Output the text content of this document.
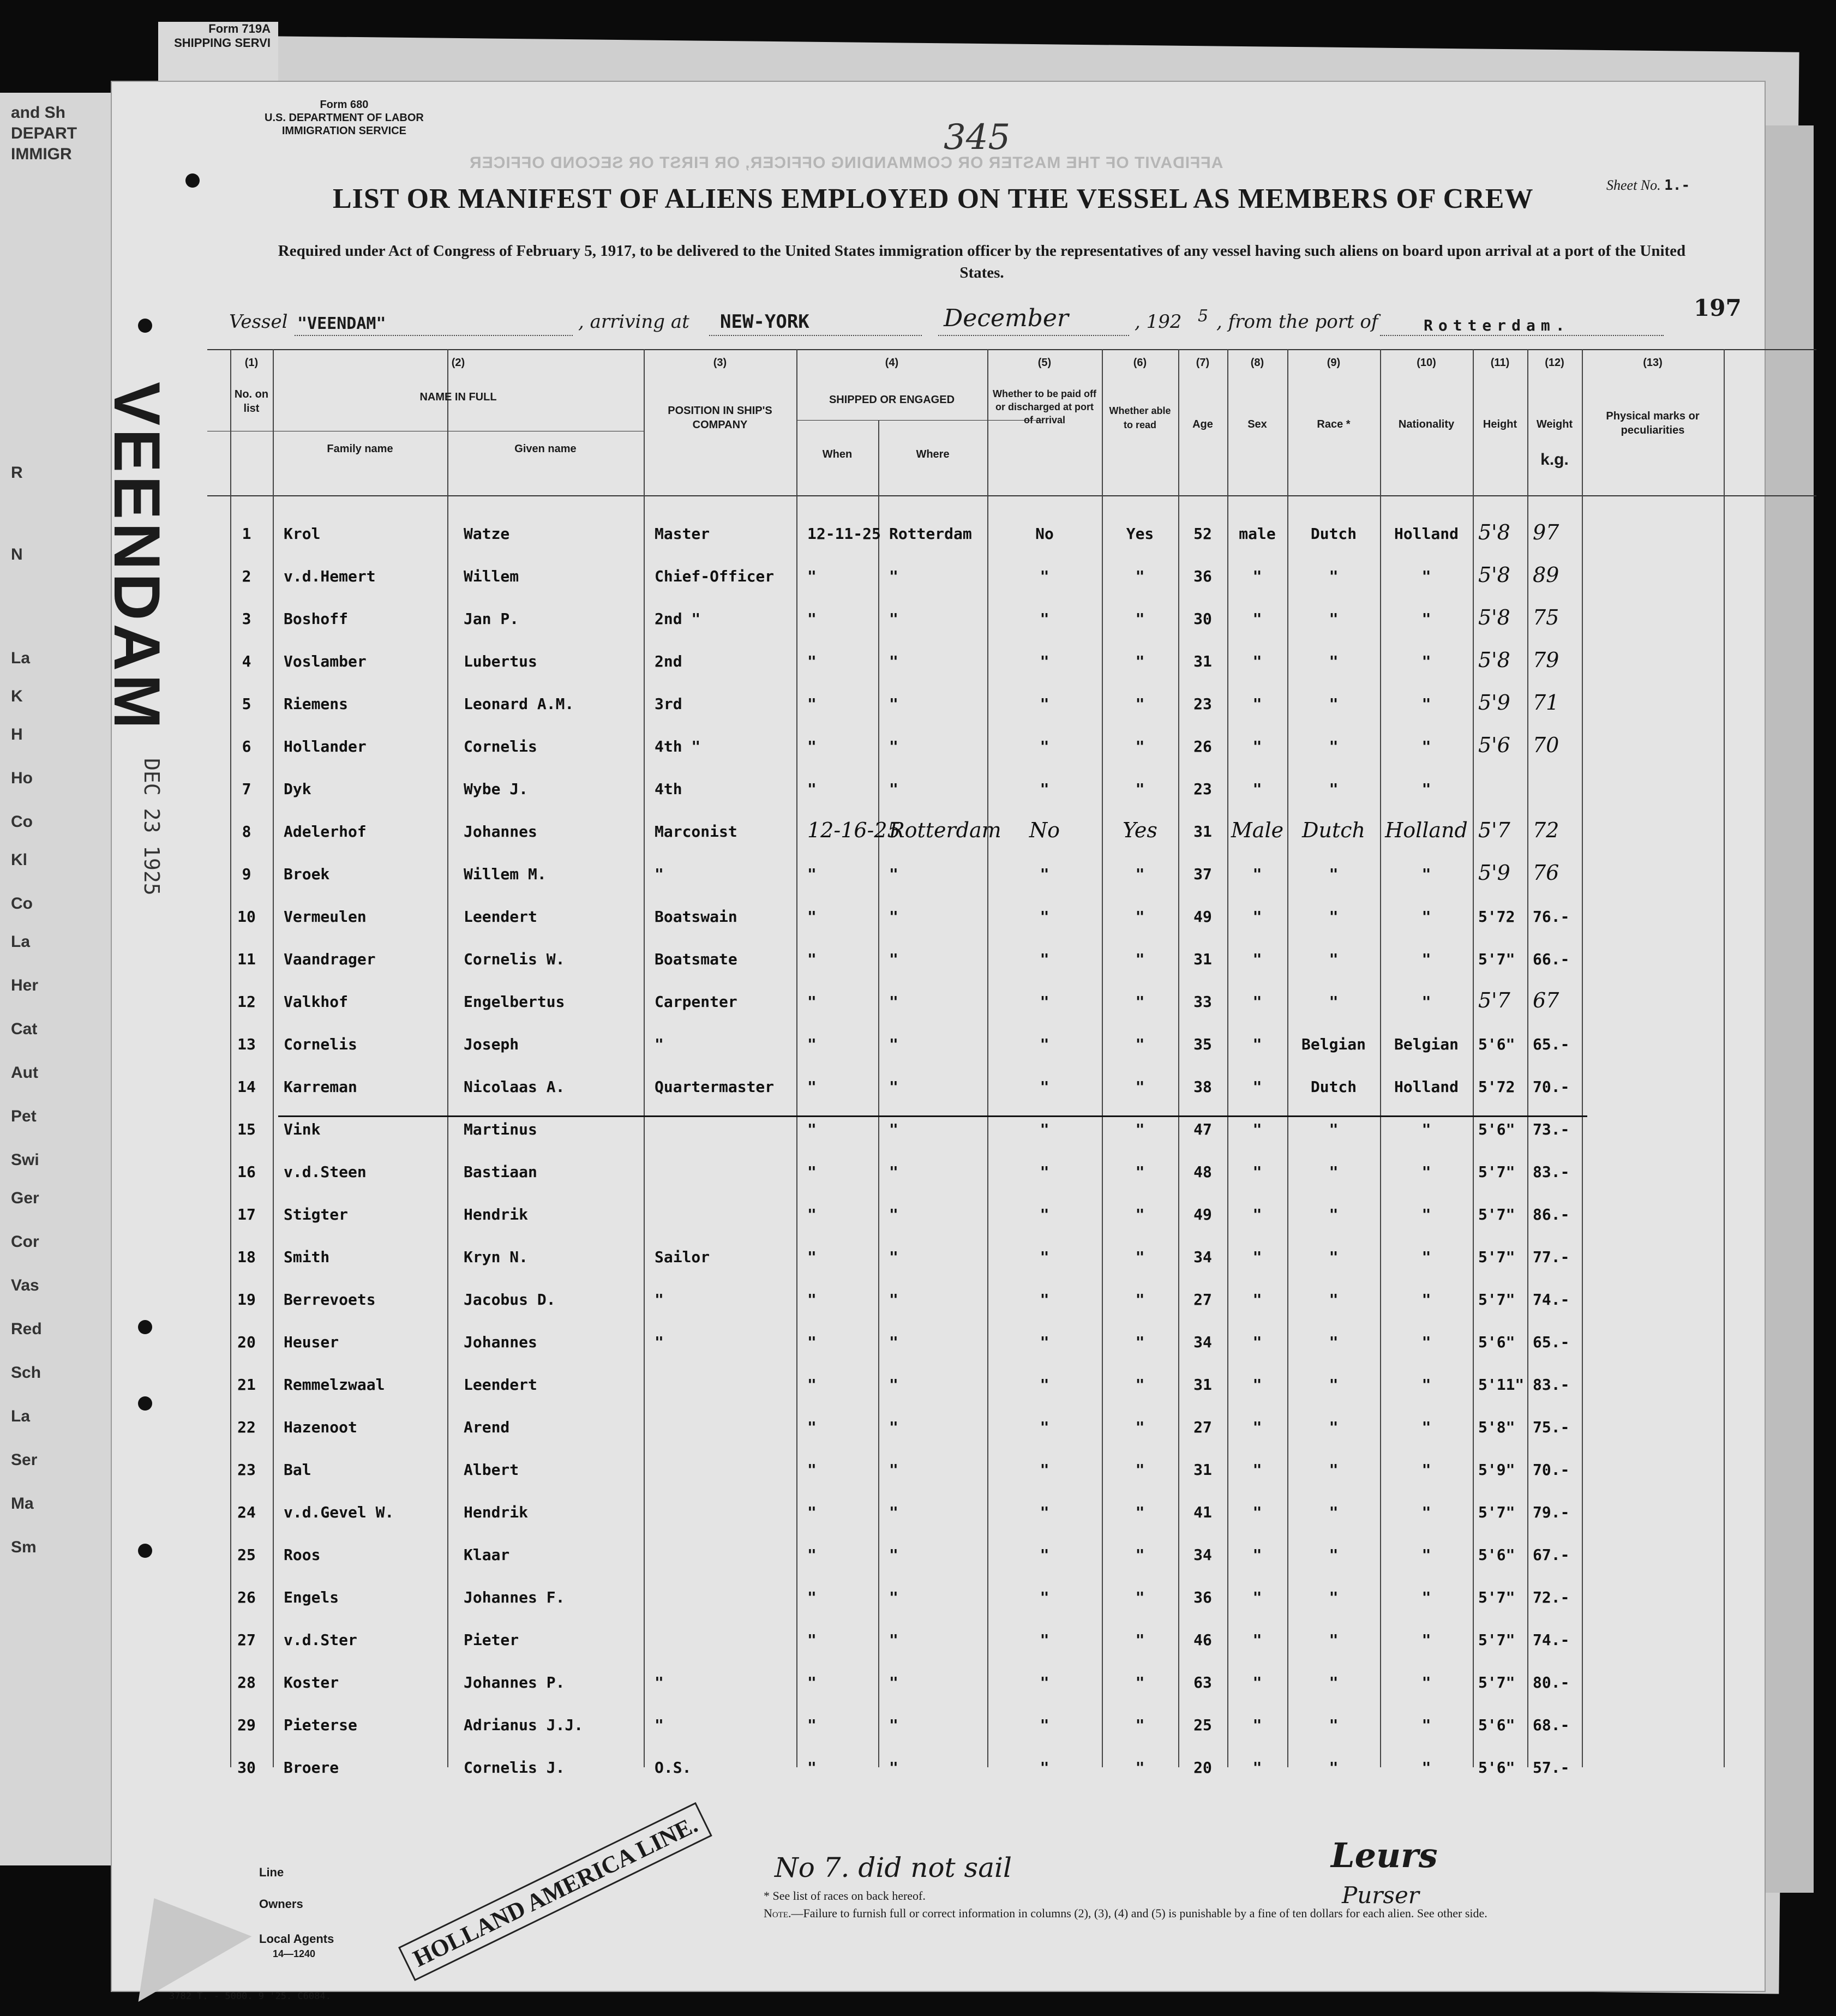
Form 719A
SHIPPING SERVI
and Sh
DEPART
IMMIGR
R
N
La
K
H
Ho
Co
Kl
Co
La
Her
Cat
Aut
Pet
Swi
Ger
Cor
Vas
Red
Sch
La
Ser
Ma
Sm
Form 680
U.S. DEPARTMENT OF LABOR
IMMIGRATION SERVICE	345
AFFIDAVIT OF THE MASTER OR COMMANDING OFFICER, OR FIRST OR SECOND OFFICER
Sheet No. 1.-
LIST OR MANIFEST OF ALIENS EMPLOYED ON THE VESSEL AS MEMBERS OF CREW
Required under Act of Congress of February 5, 1917, to be delivered to the United States immigration officer by the representatives of any vessel having such aliens on board upon arrival at a port of the United States.
197
Vessel "VEENDAM"	, arriving at NEW-YORK	December	, 192 5 , from the port of	Rotterdam.
VEENDAM
DEC 23 1925
(1)
No. on list
(2)
NAME IN FULL
Family name	Given name
(3)
POSITION IN SHIP'S COMPANY
(4)
SHIPPED OR ENGAGED
When	Where
(5)
Whether to be paid off or discharged at port of arrival
(6)
Whether able to read
(7)
Age
(8)
Sex
(9)
Race *
(10)
Nationality
(11)
Height
(12)
Weight
k.g.
(13)
Physical marks or peculiarities
1 Krol	Watze	Master	12-11-25 Rotterdam	No	Yes	52 male Dutch Holland 5'8 97
2 v.d.Hemert	Willem	Chief-Officer "	"	"	"	36	"	"	" 5'8 89
3 Boshoff	Jan P.	2nd "	"	"	"	"	30	"	"	" 5'8 75
4 Voslamber	Lubertus	2nd	"	"	"	"	31	"	"	" 5'8 79
5 Riemens	Leonard A.M.	3rd	"	"	"	"	23	"	"	" 5'9 71
6 Hollander	Cornelis	4th "	"	"	"	"	26	"	"	" 5'6 70
7 Dyk	Wybe J.	4th	"	"	"	"	23	"	"	"
8 Adelerhof	Johannes	Marconist	12-16-25
Rotterdam No	Yes 31 Male Dutch Holland 5'7 72
9 Broek	Willem M.	"	"	"	"	"	37	"	"	" 5'9 76
10 Vermeulen	Leendert	Boatswain	"	"	"	"	49	"	"	"	5'72 76.-
11 Vaandrager	Cornelis W.	Boatsmate	"	"	"	"	31	"	"	"	5'7" 66.-
12 Valkhof	Engelbertus	Carpenter	"	"	"	"	33	"	"	" 5'7 67
13 Cornelis	Joseph	"	"	"	"	"	35	"	Belgian Belgian 5'6" 65.-
14 Karreman	Nicolaas A.	Quartermaster "	"	"	"	38	"	Dutch Holland 5'72 70.-
15 Vink	Martinus	"	"	"	"	47	"	"	"	5'6" 73.-
16 v.d.Steen	Bastiaan	"	"	"	"	48	"	"	"	5'7" 83.-
17 Stigter	Hendrik	"	"	"	"	49	"	"	"	5'7" 86.-
18 Smith	Kryn N.	Sailor	"	"	"	"	34	"	"	"	5'7" 77.-
19 Berrevoets	Jacobus D.	"	"	"	"	"	27	"	"	"	5'7" 74.-
20 Heuser	Johannes	"	"	"	"	"	34	"	"	"	5'6" 65.-
21 Remmelzwaal	Leendert	"	"	"	"	31	"	"	"	5'11" 83.-
22 Hazenoot	Arend	"	"	"	"	27	"	"	"	5'8" 75.-
23 Bal	Albert	"	"	"	"	31	"	"	"	5'9" 70.-
24 v.d.Gevel W.	Hendrik	"	"	"	"	41	"	"	"	5'7" 79.-
25 Roos	Klaar	"	"	"	"	34	"	"	"	5'6" 67.-
26 Engels	Johannes F.	"	"	"	"	36	"	"	"	5'7" 72.-
27 v.d.Ster	Pieter	"	"	"	"	46	"	"	"	5'7" 74.-
28 Koster	Johannes P.	"	"	"	"	"	63	"	"	"	5'7" 80.-
29 Pieterse	Adrianus J.J.	"	"	"	"	"	25	"	"	"	5'6" 68.-
30 Broere	Cornelis J.	O.S.	"	"	"	"	20	"	"	"	5'6" 57.-
Line
Owners
Local Agents
14—1240	HOLLAND AMERICA LINE.	No 7. did not sail	Leurs
Purser
* See list of races on back hereof.
Note.—Failure to furnish full or correct information in columns (2), (3), (4) and (5) is punishable by a fine of ten dollars for each alien. See other side.
3782 T. - 5000. 9 '25. C6084.
